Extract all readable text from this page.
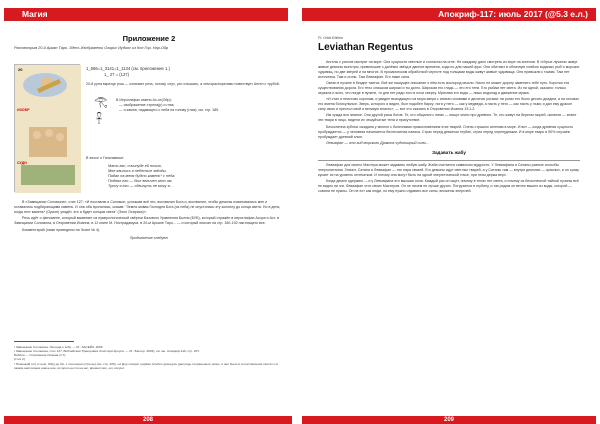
Магия	Апокриф-117: июль 2017 (@5.3 е.л.)
Приложение 2
Рассмотрим 20-й Аркан Таро. Здесь Изображены Озирис Иудиос из Кон Гор. Нар-Ойр
20
ИЗОБР
СУДИ
1_666=1_3141=1_1134 (см. приложение 1.)
1_ 27 = (127)
20-й руна вкратце рэш — означает речь, голову, слух, ухо слышать, а чем красноречиво повествует Ангел с трубой.
𓂀
𓋹
В Иероглифах имени Ax-от(Ойр):
— изображение стрела(р) и глаз;
— и камня, падающего с неба на голову (глаз); см. стр. 189.
В эпосе о Гильгамеше:
Мать вас, сочинуде ей ночью,
Мне явились в небесные звёзды,
Падал на меня будто камень* с неба,
Поднял его — был величен зело им.
Трону я его — сдвинуть не могу я...

В «Завещании Соломона», стих 127: «И поставлю я Соломон, услышав всё это, восхвалил Бога и, восхвалил, чтобы демоны повиновались мне и оставались подбирающими камень. И они оба пронялись, сказав: "Земля живая Господня Бога (из неба) не опустилась эту колонну до конца света. Но в день, когда этот камень* (Орион) упадёт, это и будет концом света" (Эхно Осириса)».

Речь идёт о феномене, который выявляет из нумерологической свёртки Базового Уравнения Бытия (БУБ), который отражён в иероглифах Асора и Аст, в Завещании Соломона, в Откровении Иоанна, в 12 книге М. Нострадамуса, в 20-м Аркане Таро... — и который описан на стр. 180-192 настоящего все.

Комментарий (ниже приведены на Эсаге № 4).

Продолжение следует

¹ Завещание Соломона. Легенда о кибу. — М.: ЗАСЕЙЗ, 2005.
² Завещание Соломона, стих 127. Библейская Тренировка Алистера Кроули. — М.: Бахтер, 2003), см. же. Апокриф-119, стр. 207.
Библия — Откровение Иоанна (1:7).
(стих 2)
³ Немецкий (от) (с нем. Ойр) де Ор, с тем нарзи (стрелы) (см. стр. 206). «А Дор говорит царями Алебос дасыцусь дам рядь сохраненное хапко, и они было в сопоставления пастях и в самим настоящем новое ние, которого нечто на нет, времестоял, его осоушт.
Fr. Orbit Ebihim
Leviathan Regentus

Ангелы с усесев смотрят на воре. Они сущности светлые и согласны на огне. Не каждому дано смотреть из воре на ангелов. В «Игрых лучинах живут живые демоны монстры, привлекшие с далёких звёзд в данное временя, ходя по для нашей фри. Они обитают в облачную слабою водяных рыб и морских чудовищ, но две зверей и на многих. В прозаическом обработкой черноте под толщами воды живут живые чудовища. Они привыкли к тьмам. Там нет источника. Там и огонь. Там Левиафан. Его ниже сила.

Океан в пучине в бездне таится. Всё же пишущее описание о нём есть кислород мысли. Никто не может дорогу заменить тебе путь. Коротка эта существования дорога. Его тело слишком широко и ты долго. Широкая его гладь — это его тени. Его рыбам нет света. Из ни одной, сказано: только зеркала и ясно, что нигде в пучине, то дня нет ради того в ночи сверху. Мрачная его вода — лишь водопад и движение мрака.

«И стал я неистово коронам, и увидел выходящего из моря зверя с семью головами и десятью рогами: на рогах его было десять диадем, а на головах его имена богохульные. Зверь, которого я видел, был подобен барсу; ноги у него — как у медведя, а пасть у него — как пасть у льва; и дал ему дракон силу свою и престол свой и великую власть», — вот что сказано в Откровении Иоанна 13:1-2.

Им чужда вся земное. Они другой расы богов. Те, кто общался с ними — пишут книги про древних. Те, кто живут на берегах морей, океанов — знают эти твари в лицо, видели их чешуйчатые тела и присутствие.

Бесконечна зубных ожидана у многих с болезными прикосновением этих тварей. Очень страшно ангелам в море. И вот — когда древняя сущность пробуждается — у человека начинается беспечатная паника. Страх перед демоном глубин, страх перед черепудными. И в море тварь в 90% случаев пробуждает древний злые.

Левиафан — это вид морского Дракона чудовищный силы...

Задавать жабу

Левиафан для своего Мастера может задавать любую жабу. Жаба считается символом мудрости. У Левиафана и Сатаны разные способы энергопитания. Значит, Сатана и Левиафан — это пара связей. Его демоны идут светлых тварей, а у Сатаны там — внутри демонах — красных, и он сразу кусает их на уровень отпечатков. И потому они могут быть на одной энергетической точке, при этом держа верх.

Когда демон одержим — и у Левиафана это высшая сила. Каждый раз он ищет, почему в телах нет света, и почему из бесконечной тайной пучины всё не видно ни зги. Левиафан чтит своих Мастеров. Он не ничем не лучше других. Погрузился в глубину, и так рядом он вечно вышел из воды, которой — совсем не нужны. Он не ест как люди, но ему нужно отдавать все силы, вложены энергией.

208	209
